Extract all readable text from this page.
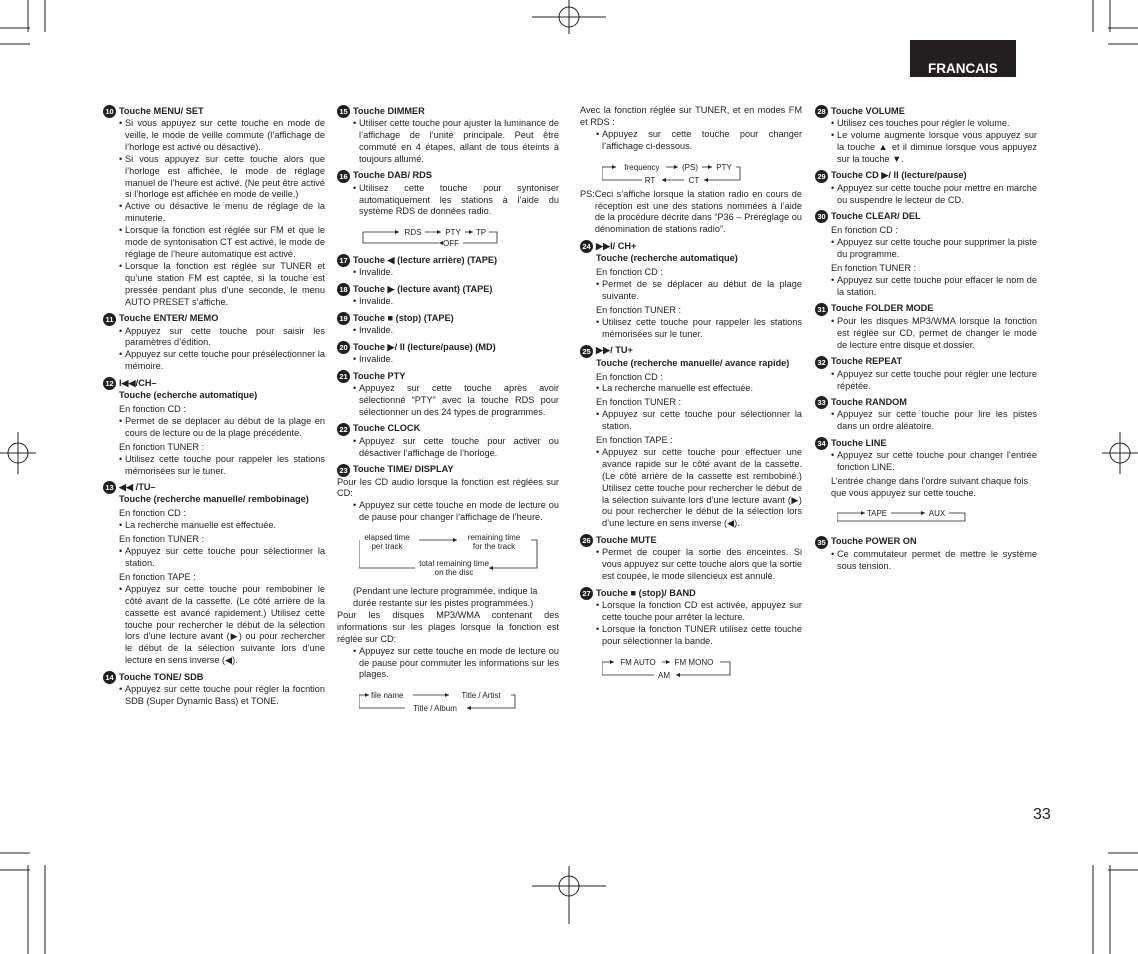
FRANCAIS
10 Touche MENU/ SET
• Si vous appuyez sur cette touche en mode de veille, le mode de veille commute (l’affichage de l’horloge est activé ou désactivé).
• Si vous appuyez sur cette touche alors que l’horloge est affichée, le mode de réglage manuel de l’heure est activé. (Ne peut être activé si l’horloge est affichée en mode de veille.)
• Active ou désactive le menu de réglage de la minuterie.
• Lorsque la fonction est réglée sur FM et que le mode de syntonisation CT est activé, le mode de réglage de l’heure automatique est activé.
• Lorsque la fonction est réglée sur TUNER et qu’une station FM est captée, si la touche est pressée pendant plus d’une seconde, le menu AUTO PRESET s’affiche.
11 Touche ENTER/ MEMO
• Appuyez sur cette touche pour saisir les paramètres d’édition.
• Appuyez sur cette touche pour présélectionner la mémoire.
12 I◀◀/CH–
Touche (echerche automatique)
En fonction CD :
• Permet de se déplacer au début de la plage en cours de lecture ou de la plage précédente.
En fonction TUNER :
• Utilisez cette touche pour rappeler les stations mémorisées sur le tuner.
13 ◀◀ /TU–
Touche (recherche manuelle/ rembobinage)
En fonction CD :
• La recherche manuelle est effectuée.
En fonction TUNER :
• Appuyez sur cette touche pour sélectionner la station.
En fonction TAPE :
• Appuyez sur cette touche pour rembobiner le côté avant de la cassette. (Le côté arrière de la cassette est avancé rapidement.) Utilisez cette touche pour rechercher le début de la sélection lors d’une lecture avant (▶) ou pour rechercher le début de la sélection suivante lors d’une lecture en sens inverse (◀).
14 Touche TONE/ SDB
• Appuyez sur cette touche pour régler la focntion SDB (Super Dynamic Bass) et TONE.
15 Touche DIMMER
• Utiliser cette touche pour ajuster la luminance de l’affichage de l’unité principale. Peut être commuté en 4 étapes, allant de tous éteints à toujours allumé.
16 Touche DAB/ RDS
• Utilisez cette touche pour syntoniser automatiquement les stations à l’aide du système RDS de données radio.
RDS	PTY TP
OFF
17 Touche ◀ (lecture arrière) (TAPE)
• Invalide.
18 Touche ▶ (lecture avant) (TAPE)
• Invalide.
19 Touche ■ (stop) (TAPE)
• Invalide.
20 Touche ▶/ II (lecture/pause) (MD)
• Invalide.
21 Touche PTY
• Appuyez sur cette touche après avoir sélectionné “PTY” avec la touche RDS pour sélectionner un des 24 types de programmes.
22 Touche CLOCK
• Appuyez sur cette touche pour activer ou désactiver l’affichage de l’horloge.
23 Touche TIME/ DISPLAY
Pour les CD audio lorsque la fonction est réglées sur CD:
• Appuyez sur cette touche en mode de lecture ou de pause pour changer l’affichage de l’heure.
elapsed time
per track
remaining time
for the track
total remaining time
on the disc
(Pendant une lecture programmée, indique la durée restante sur les pistes programmées.)
Pour les disques MP3/WMA contenant des informations sur les plages lorsque la fonction est réglée sur CD:
• Appuyez sur cette touche en mode de lecture ou de pause pour commuter les informations sur les plages.
file name	Title / Artist
Title / Album
Avec la fonction réglée sur TUNER, et en modes FM et RDS :
• Appuyez sur cette touche pour changer l’affichage ci-dessous.
frequency	(PS) PTY
RT	CT
PS: Ceci s’affiche lorsque la station radio en cours de réception est une des stations nommées à l’aide de la procédure décrite dans “P36 – Préréglage ou dénomination de stations radio”.
24 ▶▶I/ CH+
Touche (recherche automatique)
En fonction CD :
• Permet de se déplacer au début de la plage suivante.
En fonction TUNER :
• Utilisez cette touche pour rappeler les stations mémorisées sur le tuner.
25 ▶▶/ TU+
Touche (recherche manuelle/ avance rapide)
En fonction CD :
• La recherche manuelle est effectuée.
En fonction TUNER :
• Appuyez sur cette touche pour sélectionner la station.
En fonction TAPE :
• Appuyez sur cette touche pour effectuer une avance rapide sur le côté avant de la cassette. (Le côté arrière de la cassette est rembobiné.) Utilisez cette touche pour rechercher le début de la sélection suivante lors d’une lecture avant (▶) ou pour rechercher le début de la sélection lors d’une lecture en sens inverse (◀).
26 Touche MUTE
• Permet de couper la sortie des enceintes. Si vous appuyez sur cette touche alors que la sortie est coupée, le mode silencieux est annulé.
27 Touche ■ (stop)/ BAND
• Lorsque la fonction CD est activée, appuyez sur cette touche pour arrêter la lecture.
• Lorsque la fonction TUNER utilisez cette touche pour sélectionner la bande.
FM AUTO FM MONO
AM
28 Touche VOLUME
• Utilisez ces touches pour régler le volume.
• Le volume augmente lorsque vous appuyez sur la touche ▲ et il diminue lorsque vous appuyez sur la touche ▼.
29 Touche CD ▶/ II (lecture/pause)
• Appuyez sur cette touche pour mettre en marche ou suspendre le lecteur de CD.
30 Touche CLEAR/ DEL
En fonction CD :
• Appuyez sur cette touche pour supprimer la piste du programme.
En fonction TUNER :
• Appuyez sur cette touche pour effacer le nom de la station.
31 Touche FOLDER MODE
• Pour les disques MP3/WMA lorsque la fonction est réglée sur CD, permet de changer le mode de lecture entre disque et dossier.
32 Touche REPEAT
• Appuyez sur cette touche pour régler une lecture répétée.
33 Touche RANDOM
• Appuyez sur cette touche pour lire les pistes dans un ordre aléatoire.
34 Touche LINE
• Appuyez sur cette touche pour changer l’entrée fonction LINE.
L’entrée change dans l’ordre suivant chaque fois que vous appuyez sur cette touche.
TAPE	AUX
35 Touche POWER ON
• Ce commutateur permet de mettre le système sous tension.
33
